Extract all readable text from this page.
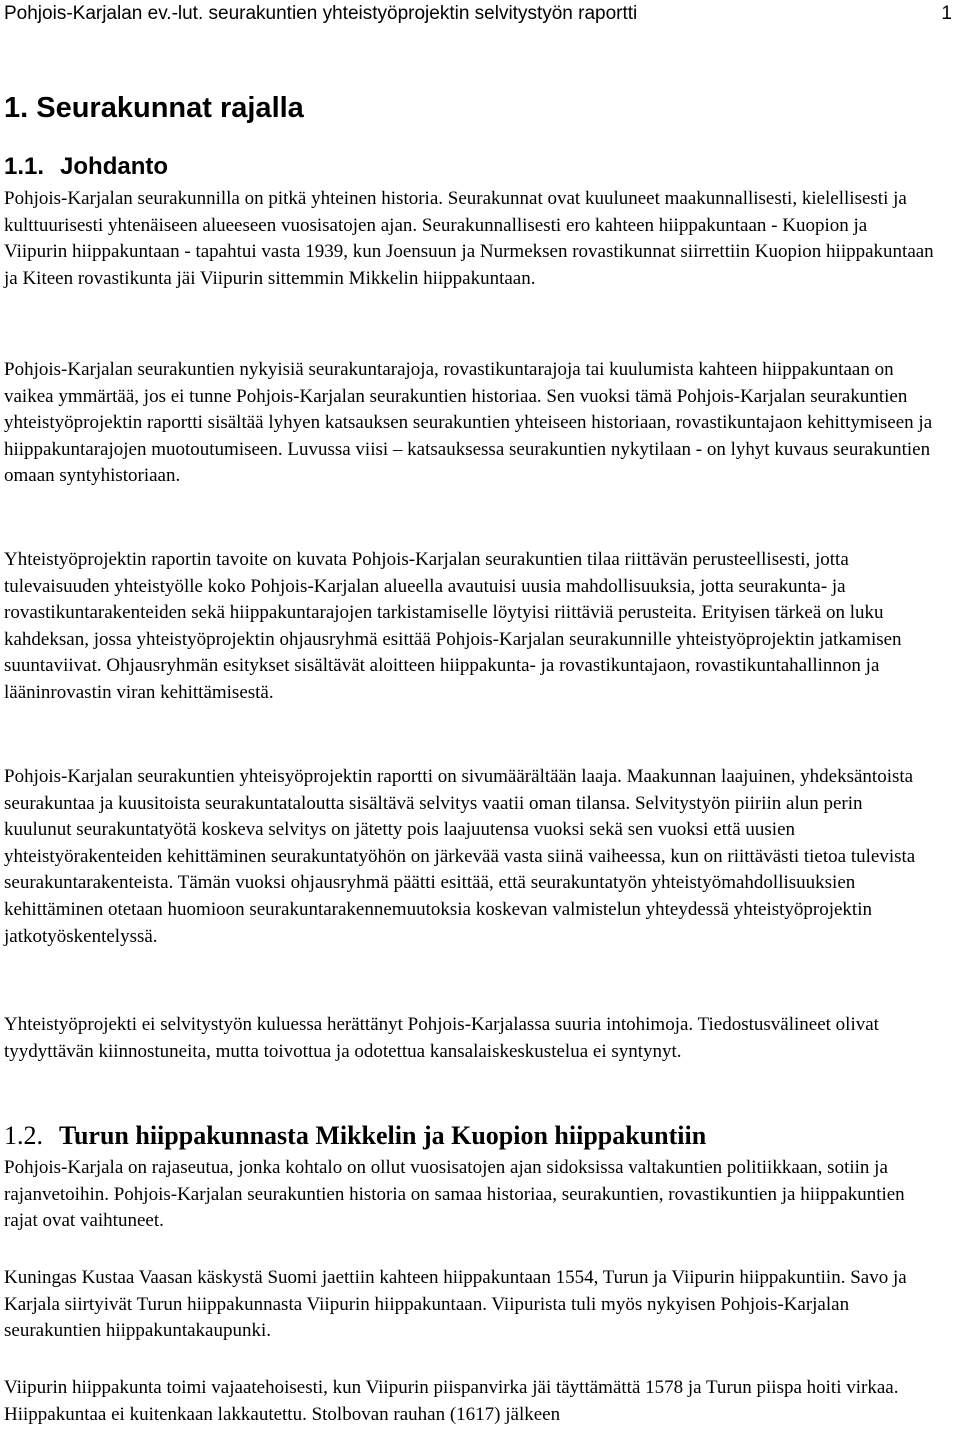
Pohjois-Karjalan ev.-lut. seurakuntien yhteistyöprojektin selvitystyön raportti	1
1. Seurakunnat rajalla
1.1. Johdanto

Pohjois-Karjalan seurakunnilla on pitkä yhteinen historia. Seurakunnat ovat kuuluneet maakunnallisesti, kielellisesti ja kulttuurisesti yhtenäiseen alueeseen vuosisatojen ajan. Seurakunnallisesti ero kahteen hiippakuntaan - Kuopion ja Viipurin hiippakuntaan - tapahtui vasta 1939, kun Joensuun ja Nurmeksen rovastikunnat siirrettiin Kuopion hiippakuntaan ja Kiteen rovastikunta jäi Viipurin sittemmin Mikkelin hiippakuntaan.

Pohjois-Karjalan seurakuntien nykyisiä seurakuntarajoja, rovastikuntarajoja tai kuulumista kahteen hiippakuntaan on vaikea ymmärtää, jos ei tunne Pohjois-Karjalan seurakuntien historiaa. Sen vuoksi tämä Pohjois-Karjalan seurakuntien yhteistyöprojektin raportti sisältää lyhyen katsauksen seurakuntien yhteiseen historiaan, rovastikuntajaon kehittymiseen ja hiippakuntarajojen muotoutumiseen. Luvussa viisi – katsauksessa seurakuntien nykytilaan - on lyhyt kuvaus seurakuntien omaan syntyhistoriaan.

Yhteistyöprojektin raportin tavoite on kuvata Pohjois-Karjalan seurakuntien tilaa riittävän perusteellisesti, jotta tulevaisuuden yhteistyölle koko Pohjois-Karjalan alueella avautuisi uusia mahdollisuuksia, jotta seurakunta- ja rovastikuntarakenteiden sekä hiippakuntarajojen tarkistamiselle löytyisi riittäviä perusteita. Erityisen tärkeä on luku kahdeksan, jossa yhteistyöprojektin ohjausryhmä esittää Pohjois-Karjalan seurakunnille yhteistyöprojektin jatkamisen suuntaviivat. Ohjausryhmän esitykset sisältävät aloitteen hiippakunta- ja rovastikuntajaon, rovastikuntahallinnon ja lääninrovastin viran kehittämisestä.

Pohjois-Karjalan seurakuntien yhteisyöprojektin raportti on sivumäärältään laaja. Maakunnan laajuinen, yhdeksäntoista seurakuntaa ja kuusitoista seurakuntataloutta sisältävä selvitys vaatii oman tilansa. Selvitystyön piiriin alun perin kuulunut seurakuntatyötä koskeva selvitys on jätetty pois laajuutensa vuoksi sekä sen vuoksi että uusien yhteistyörakenteiden kehittäminen seurakuntatyöhön on järkevää vasta siinä vaiheessa, kun on riittävästi tietoa tulevista seurakuntarakenteista. Tämän vuoksi ohjausryhmä päätti esittää, että seurakuntatyön yhteistyömahdollisuuksien kehittäminen otetaan huomioon seurakuntarakennemuutoksia koskevan valmistelun yhteydessä yhteistyöprojektin jatkotyöskentelyssä.

Yhteistyöprojekti ei selvitystyön kuluessa herättänyt Pohjois-Karjalassa suuria intohimoja. Tiedostusvälineet olivat tyydyttävän kiinnostuneita, mutta toivottua ja odotettua kansalaiskeskustelua ei syntynyt.

1.2. Turun hiippakunnasta Mikkelin ja Kuopion hiippakuntiin

Pohjois-Karjala on rajaseutua, jonka kohtalo on ollut vuosisatojen ajan sidoksissa valtakuntien politiikkaan, sotiin ja rajanvetoihin. Pohjois-Karjalan seurakuntien historia on samaa historiaa, seurakuntien, rovastikuntien ja hiippakuntien rajat ovat vaihtuneet.

Kuningas Kustaa Vaasan käskystä Suomi jaettiin kahteen hiippakuntaan 1554, Turun ja Viipurin hiippakuntiin. Savo ja Karjala siirtyivät Turun hiippakunnasta Viipurin hiippakuntaan. Viipurista tuli myös nykyisen Pohjois-Karjalan seurakuntien hiippakuntakaupunki.

Viipurin hiippakunta toimi vajaatehoisesti, kun Viipurin piispanvirka jäi täyttämättä 1578 ja Turun piispa hoiti virkaa. Hiippakuntaa ei kuitenkaan lakkautettu. Stolbovan rauhan (1617) jälkeen
